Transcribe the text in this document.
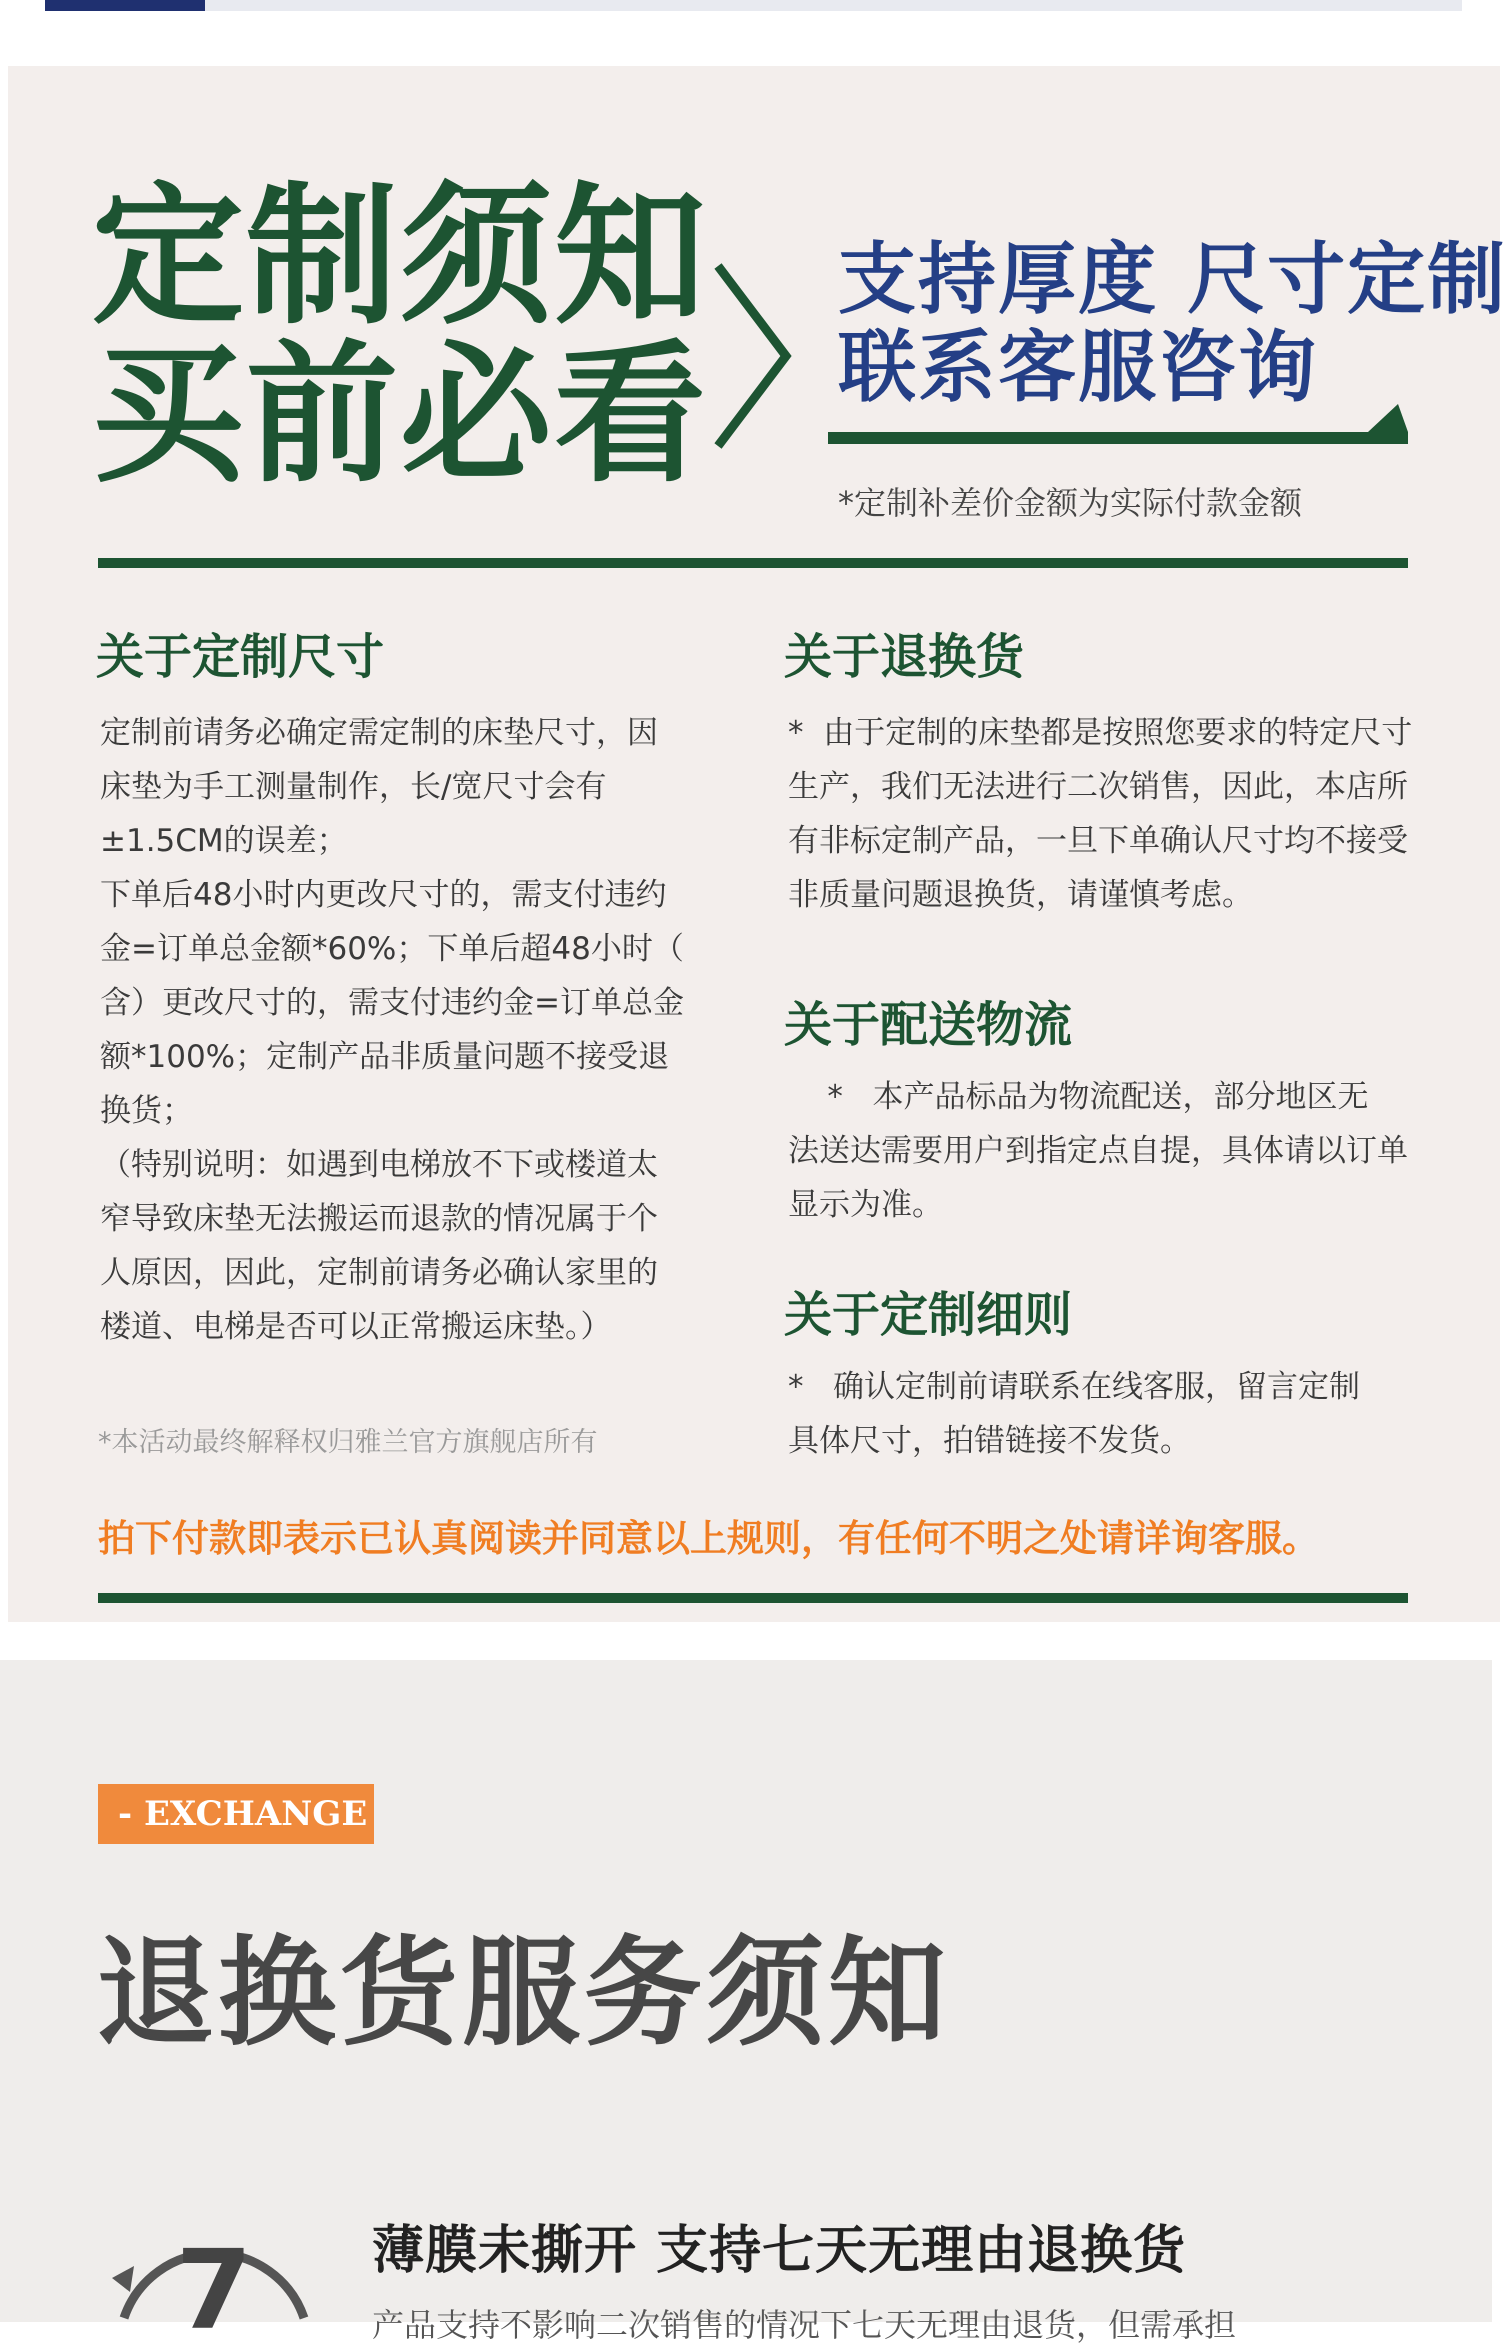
定制须知
买前必看
支持厚度 尺寸定制
联系客服咨询
*定制补差价金额为实际付款金额
关于定制尺寸

定制前请务必确定需定制的床垫尺寸，因

床垫为手工测量制作，长/宽尺寸会有

±1.5CM的误差；

下单后48小时内更改尺寸的，需支付违约

金=订单总金额*60%；下单后超48小时（

含）更改尺寸的，需支付违约金=订单总金

额*100%；定制产品非质量问题不接受退

换货；

（特别说明：如遇到电梯放不下或楼道太

窄导致床垫无法搬运而退款的情况属于个

人原因，因此，定制前请务必确认家里的

楼道、电梯是否可以正常搬运床垫。）

关于退换货

*  由于定制的床垫都是按照您要求的特定尺寸

生产，我们无法进行二次销售，因此，本店所

有非标定制产品，一旦下单确认尺寸均不接受

非质量问题退换货，请谨慎考虑。

关于配送物流

*   本产品标品为物流配送，部分地区无

法送达需要用户到指定点自提，具体请以订单

显示为准。

关于定制细则

*   确认定制前请联系在线客服，留言定制

具体尺寸，拍错链接不发货。

*本活动最终解释权归雅兰官方旗舰店所有
拍下付款即表示已认真阅读并同意以上规则，有任何不明之处请详询客服。
- EXCHANGE
退换货服务须知
7 薄膜未撕开 支持七天无理由退换货
产品支持不影响二次销售的情况下七天无理由退货，但需承担
